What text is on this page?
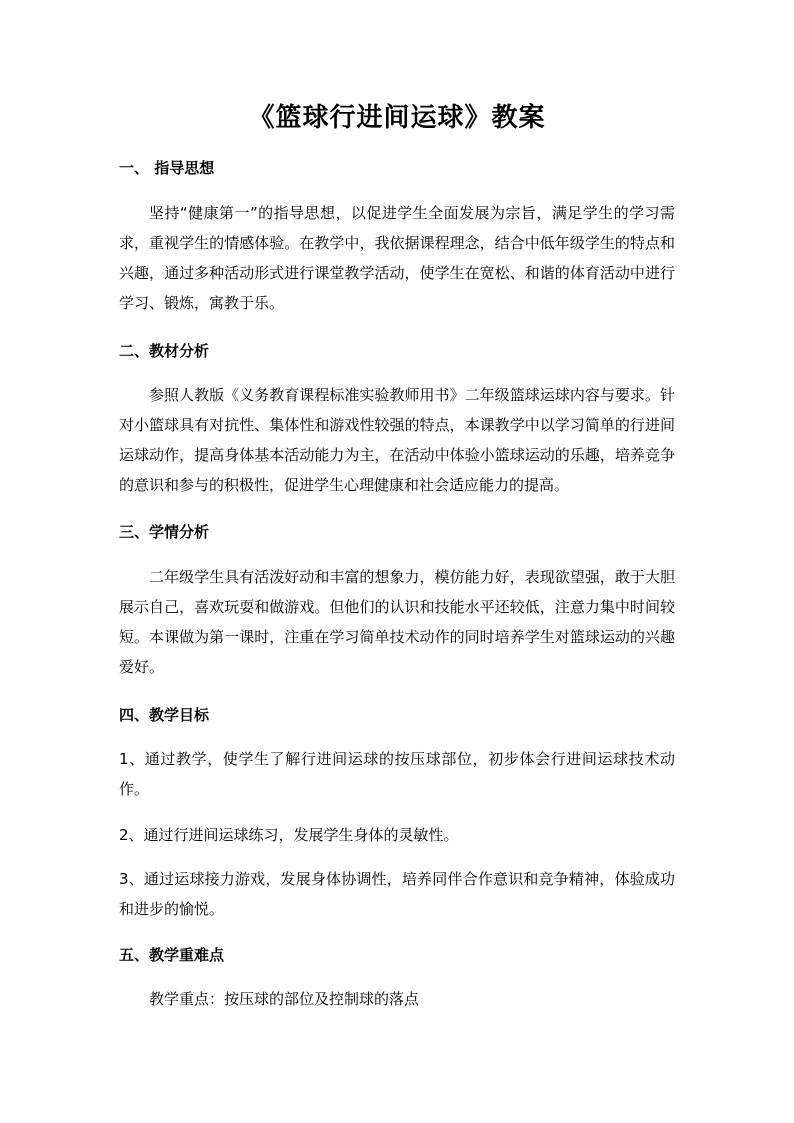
《篮球行进间运球》教案
一、 指导思想

坚持“健康第一”的指导思想，以促进学生全面发展为宗旨，满足学生的学习需求，重视学生的情感体验。在教学中，我依据课程理念，结合中低年级学生的特点和兴趣，通过多种活动形式进行课堂教学活动，使学生在宽松、和谐的体育活动中进行学习、锻炼，寓教于乐。

二、教材分析

参照人教版《义务教育课程标准实验教师用书》二年级篮球运球内容与要求。针对小篮球具有对抗性、集体性和游戏性较强的特点，本课教学中以学习简单的行进间运球动作，提高身体基本活动能力为主，在活动中体验小篮球运动的乐趣，培养竞争的意识和参与的积极性，促进学生心理健康和社会适应能力的提高。

三、学情分析

二年级学生具有活泼好动和丰富的想象力，模仿能力好，表现欲望强，敢于大胆展示自己，喜欢玩耍和做游戏。但他们的认识和技能水平还较低，注意力集中时间较短。本课做为第一课时，注重在学习简单技术动作的同时培养学生对篮球运动的兴趣爱好。

四、教学目标

1、通过教学，使学生了解行进间运球的按压球部位，初步体会行进间运球技术动作。

2、通过行进间运球练习，发展学生身体的灵敏性。

3、通过运球接力游戏，发展身体协调性，培养同伴合作意识和竞争精神，体验成功和进步的愉悦。

五、教学重难点

教学重点：按压球的部位及控制球的落点
